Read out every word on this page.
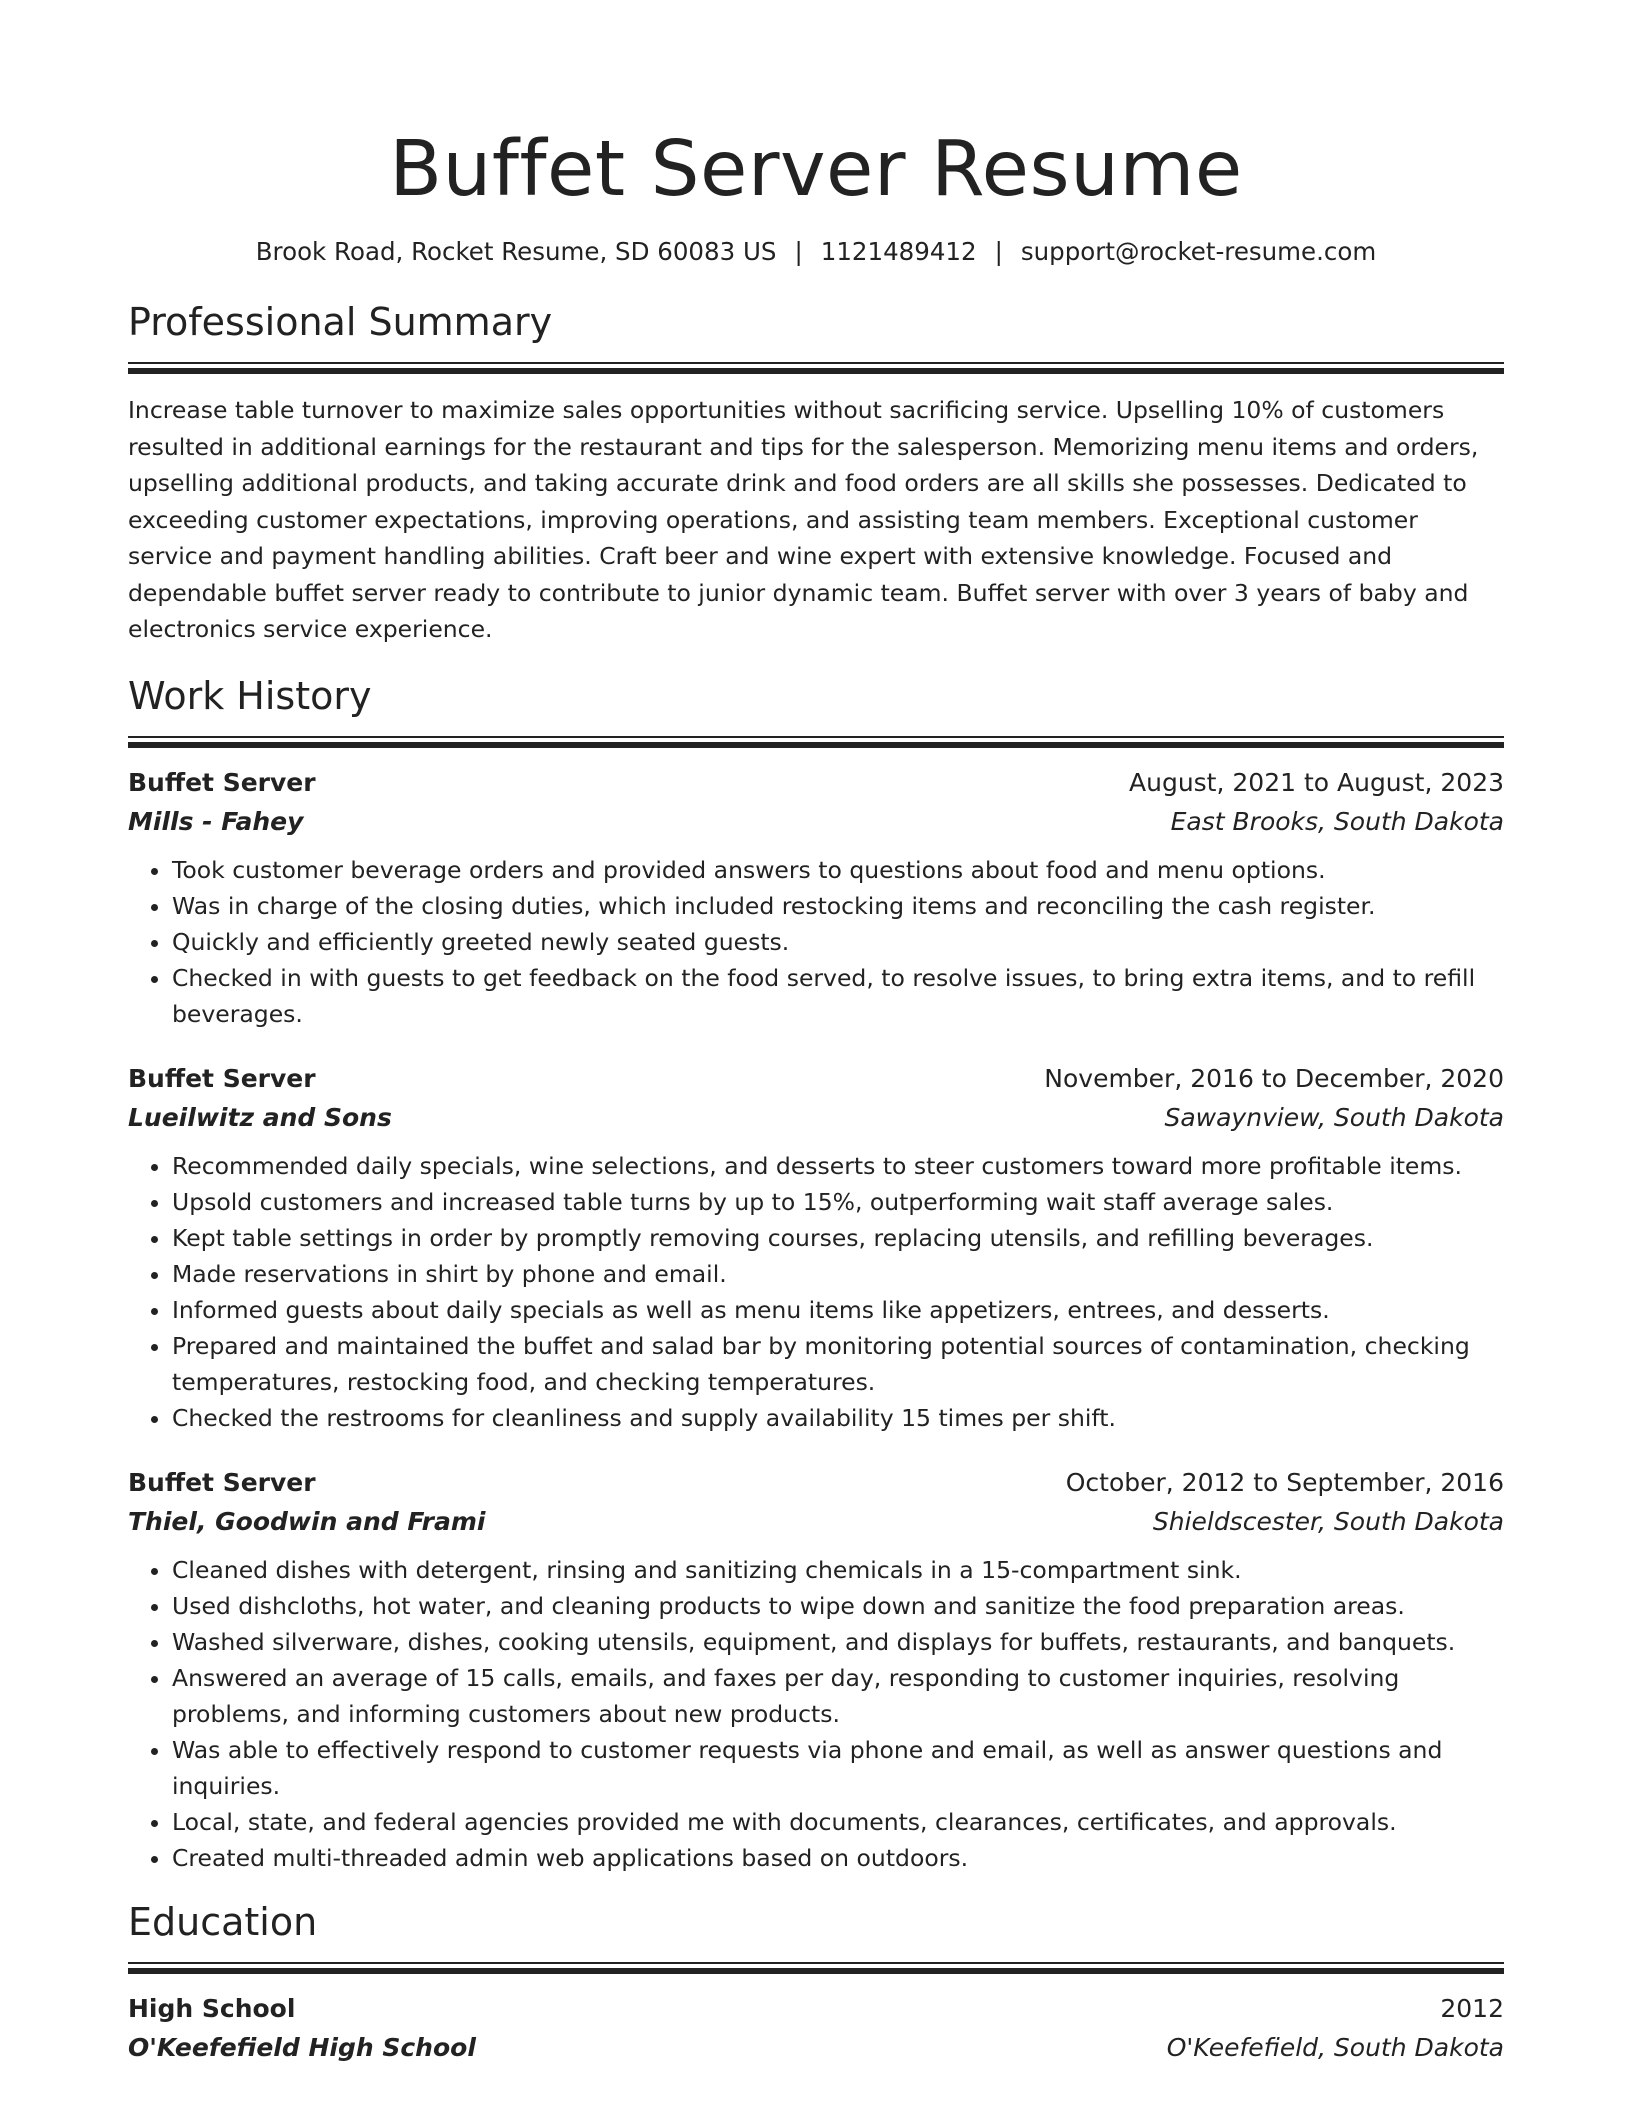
Buffet Server Resume
Brook Road, Rocket Resume, SD 60083 US | 1121489412 | support@rocket-resume.com
Professional Summary

Increase table turnover to maximize sales opportunities without sacrificing service. Upselling 10% of customers resulted in additional earnings for the restaurant and tips for the salesperson. Memorizing menu items and orders, upselling additional products, and taking accurate drink and food orders are all skills she possesses. Dedicated to exceeding customer expectations, improving operations, and assisting team members. Exceptional customer service and payment handling abilities. Craft beer and wine expert with extensive knowledge. Focused and dependable buffet server ready to contribute to junior dynamic team. Buffet server with over 3 years of baby and electronics service experience.

Work History
Buffet Server	August, 2021 to August, 2023
Mills - Fahey	East Brooks, South Dakota
• Took customer beverage orders and provided answers to questions about food and menu options.
• Was in charge of the closing duties, which included restocking items and reconciling the cash register.
• Quickly and efficiently greeted newly seated guests.
• Checked in with guests to get feedback on the food served, to resolve issues, to bring extra items, and to refill beverages.
Buffet Server	November, 2016 to December, 2020
Lueilwitz and Sons	Sawaynview, South Dakota
• Recommended daily specials, wine selections, and desserts to steer customers toward more profitable items.
• Upsold customers and increased table turns by up to 15%, outperforming wait staff average sales.
• Kept table settings in order by promptly removing courses, replacing utensils, and refilling beverages.
• Made reservations in shirt by phone and email.
• Informed guests about daily specials as well as menu items like appetizers, entrees, and desserts.
• Prepared and maintained the buffet and salad bar by monitoring potential sources of contamination, checking temperatures, restocking food, and checking temperatures.
• Checked the restrooms for cleanliness and supply availability 15 times per shift.
Buffet Server	October, 2012 to September, 2016
Thiel, Goodwin and Frami	Shieldscester, South Dakota
• Cleaned dishes with detergent, rinsing and sanitizing chemicals in a 15-compartment sink.
• Used dishcloths, hot water, and cleaning products to wipe down and sanitize the food preparation areas.
• Washed silverware, dishes, cooking utensils, equipment, and displays for buffets, restaurants, and banquets.
• Answered an average of 15 calls, emails, and faxes per day, responding to customer inquiries, resolving problems, and informing customers about new products.
• Was able to effectively respond to customer requests via phone and email, as well as answer questions and inquiries.
• Local, state, and federal agencies provided me with documents, clearances, certificates, and approvals.
• Created multi-threaded admin web applications based on outdoors.
Education
High School	2012
O'Keefefield High School	O'Keefefield, South Dakota
